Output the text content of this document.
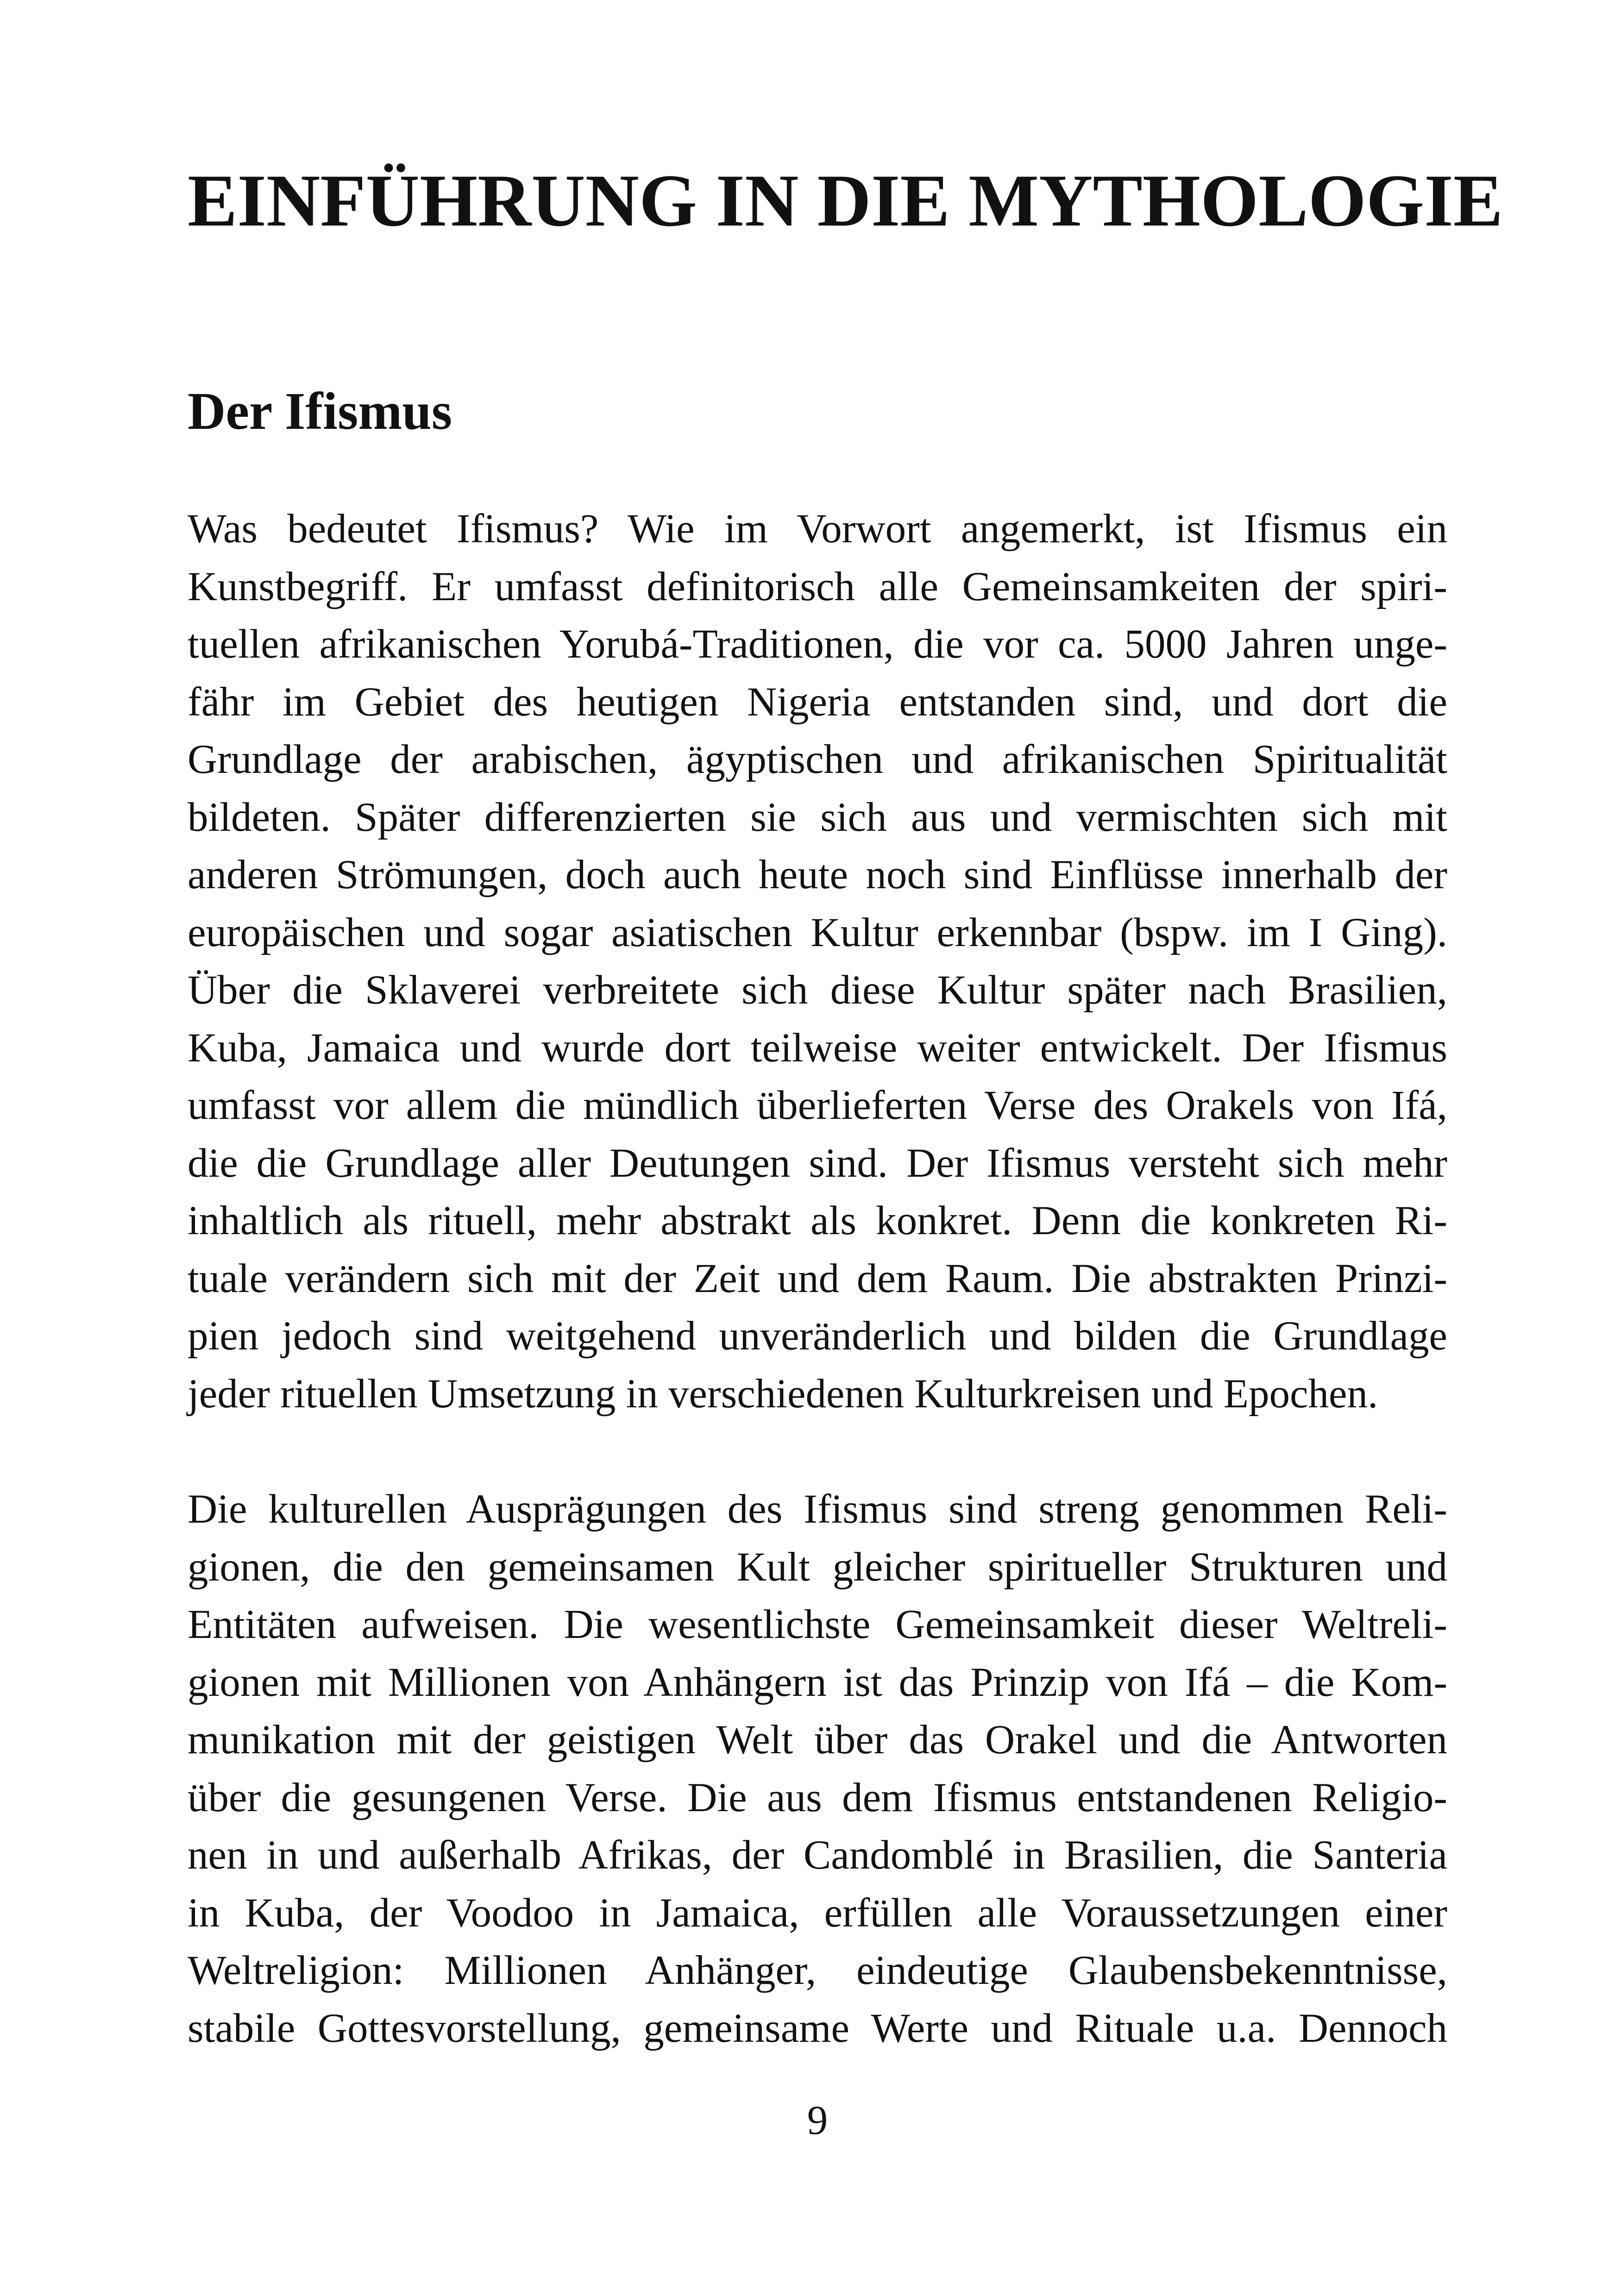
EINFÜHRUNG IN DIE MYTHOLOGIE
Der Ifismus

Was bedeutet Ifismus? Wie im Vorwort angemerkt, ist Ifismus ein
Kunstbegriff. Er umfasst definitorisch alle Gemeinsamkeiten der spiri-
tuellen afrikanischen Yorubá-Traditionen, die vor ca. 5000 Jahren unge-
fähr im Gebiet des heutigen Nigeria entstanden sind, und dort die
Grundlage der arabischen, ägyptischen und afrikanischen Spiritualität
bildeten. Später differenzierten sie sich aus und vermischten sich mit
anderen Strömungen, doch auch heute noch sind Einflüsse innerhalb der
europäischen und sogar asiatischen Kultur erkennbar (bspw. im I Ging).
Über die Sklaverei verbreitete sich diese Kultur später nach Brasilien,
Kuba, Jamaica und wurde dort teilweise weiter entwickelt. Der Ifismus
umfasst vor allem die mündlich überlieferten Verse des Orakels von Ifá,
die die Grundlage aller Deutungen sind. Der Ifismus versteht sich mehr
inhaltlich als rituell, mehr abstrakt als konkret. Denn die konkreten Ri-
tuale verändern sich mit der Zeit und dem Raum. Die abstrakten Prinzi-
pien jedoch sind weitgehend unveränderlich und bilden die Grundlage
jeder rituellen Umsetzung in verschiedenen Kulturkreisen und Epochen.

Die kulturellen Ausprägungen des Ifismus sind streng genommen Reli-
gionen, die den gemeinsamen Kult gleicher spiritueller Strukturen und
Entitäten aufweisen. Die wesentlichste Gemeinsamkeit dieser Weltreli-
gionen mit Millionen von Anhängern ist das Prinzip von Ifá – die Kom-
munikation mit der geistigen Welt über das Orakel und die Antworten
über die gesungenen Verse. Die aus dem Ifismus entstandenen Religio-
nen in und außerhalb Afrikas, der Candomblé in Brasilien, die Santeria
in Kuba, der Voodoo in Jamaica, erfüllen alle Voraussetzungen einer
Weltreligion: Millionen Anhänger, eindeutige Glaubensbekenntnisse,
stabile Gottesvorstellung, gemeinsame Werte und Rituale u.a. Dennoch

9
